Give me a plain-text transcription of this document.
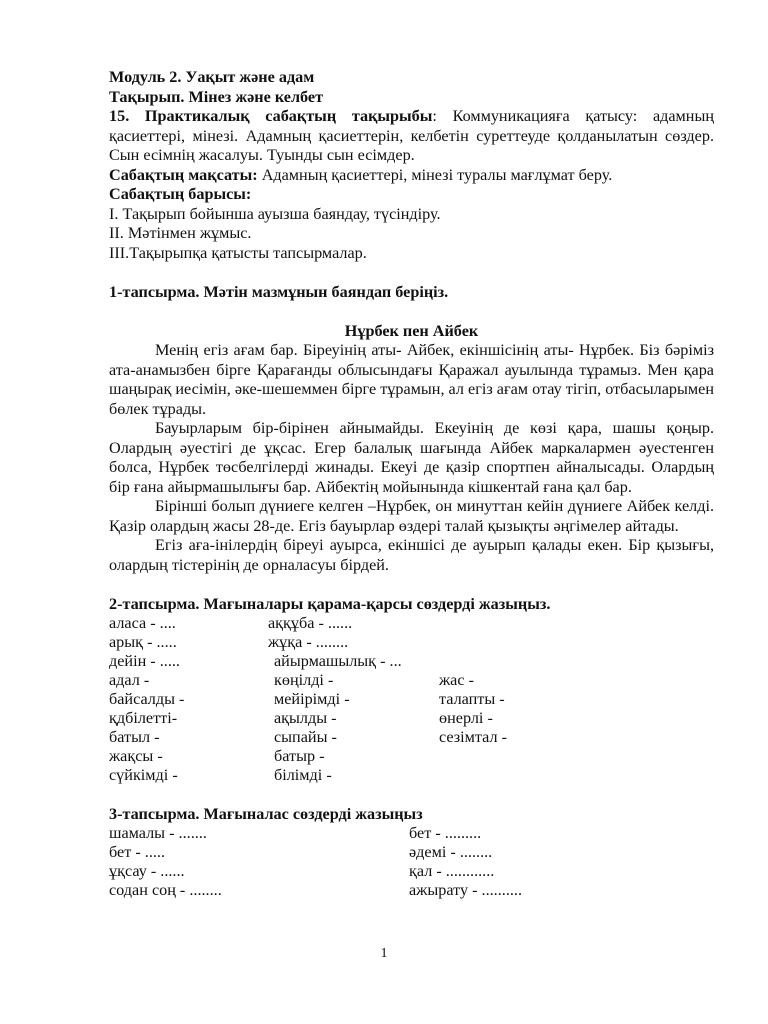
Модуль 2. Уақыт және адам

Тақырып. Мінез және келбет

15. Практикалық сабақтың тақырыбы: Коммуникацияға қатысу: адамның қасиеттері, мінезі. Адамның қасиеттерін, келбетін суреттеуде қолданылатын сөздер. Сын есімнің жасалуы. Туынды сын есімдер.

Сабақтың мақсаты: Адамның қасиеттері, мінезі туралы мағлұмат беру.

Сабақтың барысы:

I. Тақырып бойынша ауызша баяндау, түсіндіру.

II. Мәтінмен жұмыс.

III.Тақырыпқа қатысты тапсырмалар.

1-тапсырма. Мәтін мазмұнын баяндап беріңіз.

Нұрбек пен Айбек

Менің егіз ағам бар. Біреуінің аты- Айбек, екіншісінің аты- Нұрбек. Біз бәріміз ата-анамызбен бірге Қарағанды облысындағы Қаражал ауылында тұрамыз. Мен қара шаңырақ иесімін, әке-шешеммен бірге тұрамын, ал егіз ағам отау тігіп, отбасыларымен бөлек тұрады.

Бауырларым бір-бірінен айнымайды. Екеуінің де көзі қара, шашы қоңыр. Олардың әуестігі де ұқсас. Егер балалық шағында Айбек маркалармен әуестенген болса, Нұрбек төсбелгілерді жинады. Екеуі де қазір спортпен айналысады. Олардың бір ғана айырмашылығы бар. Айбектің мойынында кішкентай ғана қал бар.

Бірінші болып дүниеге келген –Нұрбек, он минуттан кейін дүниеге Айбек келді. Қазір олардың жасы 28-де. Егіз бауырлар өздері талай қызықты әңгімелер айтады.

Егіз аға-інілердің біреуі ауырса, екіншісі де ауырып қалады екен. Бір қызығы, олардың тістерінің де орналасуы бірдей.

2-тапсырма. Мағыналары қарама-қарсы сөздерді жазыңыз.

аласа - ....	аққұба - ......
арық - .....	жұқа - ........
дейін - .....	айырмашылық - ...
адал -	көңілді -	жас -
байсалды -	мейірімді -	талапты -
қдбілетті-	ақылды -	өнерлі -
батыл -	сыпайы -	сезімтал -
жақсы -	батыр -
сүйкімді -	білімді -

3-тапсырма. Мағыналас сөздерді жазыңыз

шамалы - .......	бет - .........
бет - .....	әдемі - ........
ұқсау - ......	қал - ............
содан соң - ........	ажырату - ..........
1
